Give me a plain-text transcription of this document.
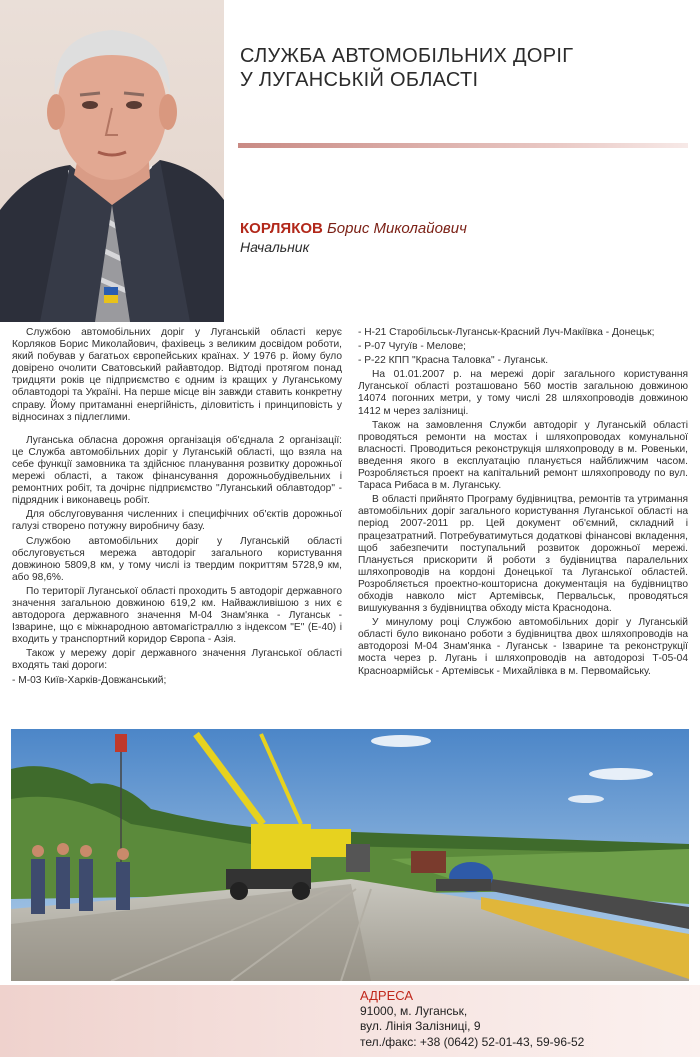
СЛУЖБА АВТОМОБІЛЬНИХ ДОРІГ
У ЛУГАНСЬКІЙ ОБЛАСТІ
КОРЛЯКОВ Борис Миколайович
Начальник

Службою автомобільних доріг у Луганській області керує Корляков Борис Миколайович, фахівець з великим досвідом роботи, який побував у багатьох європейських країнах. У 1976 р. йому було довірено очолити Сватовський райавтодор. Відтоді протягом понад тридцяти років це підприємство є одним із кращих у Луганському облавтодорі та Україні. На перше місце він завжди ставить конкретну справу. Йому притаманні енергійність, діловитість і принциповість у відносинах з підлеглими.

Луганська обласна дорожня організація об'єднала 2 організації: це Служба автомобільних доріг у Луганській області, що взяла на себе функції замовника та здійснює планування розвитку дорожньої мережі області, а також фінансування дорожньобудівельних і ремонтних робіт, та дочірнє підприємство "Луганський облавтодор" - підрядник і виконавець робіт.

Для обслуговування численних і специфічних об'єктів дорожньої галузі створено потужну виробничу базу.

Службою автомобільних доріг у Луганській області обслуговується мережа автодоріг загального користування довжиною 5809,8 км, у тому числі із твердим покриттям 5728,9 км, або 98,6%.

По території Луганської області проходить 5 автодоріг державного значення загальною довжиною 619,2 км. Найважливішою з них є автодорога державного значення М-04 Знам'янка - Луганськ - Ізварине, що є міжнародною автомагістраллю з індексом "Е" (Е-40) і входить у транспортний коридор Європа - Азія.

Також у мережу доріг державного значення Луганської області входять такі дороги:

- М-03 Київ-Харків-Довжанський;

- Н-21 Старобільськ-Луганськ-Красний Луч-Макіївка - Донецьк;

- Р-07 Чугуїв - Мелове;

- Р-22 КПП "Красна Таловка" - Луганськ.

На 01.01.2007 р. на мережі доріг загального користування Луганської області розташовано 560 мостів загальною довжиною 14074 погонних метри, у тому числі 28 шляхопроводів довжиною 1412 м через залізниці.

Також на замовлення Служби автодоріг у Луганській області проводяться ремонти на мостах і шляхопроводах комунальної власності. Проводиться реконструкція шляхопроводу в м. Ровеньки, введення якого в експлуатацію планується найближчим часом. Розробляється проект на капітальний ремонт шляхопроводу по вул. Тараса Рибаса в м. Луганську.

В області прийнято Програму будівництва, ремонтів та утримання автомобільних доріг загального користування Луганської області на період 2007-2011 рр. Цей документ об'ємний, складний і працезатратний. Потребуватимуться додаткові фінансові вкладення, щоб забезпечити поступальний розвиток дорожньої мережі. Планується прискорити й роботи з будівництва паралельних шляхопроводів на кордоні Донецької та Луганської областей. Розробляється проектно-кошторисна документація на будівництво обходів навколо міст Артемівськ, Первальськ, проводяться вишукування з будівництва обходу міста Краснодона.

У минулому році Службою автомобільних доріг у Луганській області було виконано роботи з будівництва двох шляхопроводів на автодорозі М-04 Знам'янка - Луганськ - Ізварине та реконструкції моста через р. Лугань і шляхопроводів на автодорозі Т-05-04 Красноармійськ - Артемівськ - Михайлівка в м. Первомайську.

АДРЕСА
91000, м. Луганськ,
вул. Лінія Залізниці, 9
тел./факс: +38 (0642) 52-01-43, 59-96-52
